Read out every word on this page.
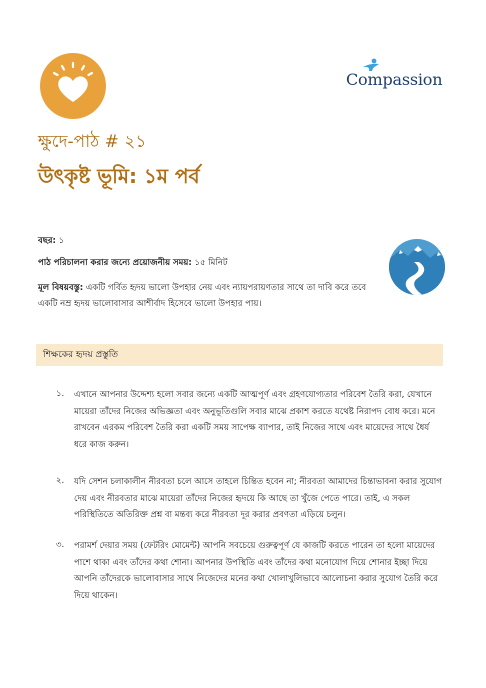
Compassion
ক্ষুদে-পাঠ # ২১
উৎকৃষ্ট ভূমি: ১ম পর্ব
বছর: ১
পাঠ পরিচালনা করার জন্যে প্রয়োজনীয় সময়: ১৫ মিনিট
মূল বিষয়বস্তু: একটি গর্বিত হৃদয় ভালো উপহার নেয় এবং ন্যায়পরায়ণতার সাথে তা দাবি করে তবে একটি নম্র হৃদয় ভালোবাসার আশীর্বাদ হিসেবে ভালো উপহার পায়।
শিক্ষকের হৃদয় প্রস্তুতি
১. এখানে আপনার উদ্দেশ্য হলো সবার জন্যে একটি আত্মপূর্ণ এবং গ্রহণযোগ্যতার পরিবেশ তৈরি করা, যেখানে মায়েরা তাঁদের নিজের অভিজ্ঞতা এবং অনুভূতিগুলি সবার মাঝে প্রকাশ করতে যথেষ্ট নিরাপদ বোধ করে। মনে রাখবেন এরকম পরিবেশ তৈরি করা একটি সময় সাপেক্ষ ব্যাপার, তাই নিজের সাথে এবং মায়েদের সাথে ধৈর্য ধরে কাজ করুন।
২. যদি সেশন চলাকালীন নীরবতা চলে আসে তাহলে চিন্তিত হবেন না; নীরবতা আমাদের চিন্তাভাবনা করার সুযোগ দেয় এবং নীরবতার মাঝে মায়েরা তাঁদের নিজের হৃদয়ে কি আছে তা খুঁজে পেতে পারে। তাই, এ সকল পরিস্থিতিতে অতিরিক্ত প্রশ্ন বা মন্তব্য করে নীরবতা দূর করার প্রবণতা এড়িয়ে চলুন।
৩. পরামর্শ দেয়ার সময় (ফেটরিং মোমেন্ট) আপনি সবচেয়ে গুরুত্বপূর্ণ যে কাজটি করতে পারেন তা হলো মায়েদের পাশে থাকা এবং তাঁদের কথা শোনা। আপনার উপস্থিতি এবং তাঁদের কথা মনোযোগ দিয়ে শোনার ইচ্ছা দিয়ে আপনি তাঁদেরকে ভালোবাসার সাথে নিজেদের মনের কথা খোলাখুলিভাবে আলোচনা করার সুযোগ তৈরি করে দিয়ে থাকেন।
